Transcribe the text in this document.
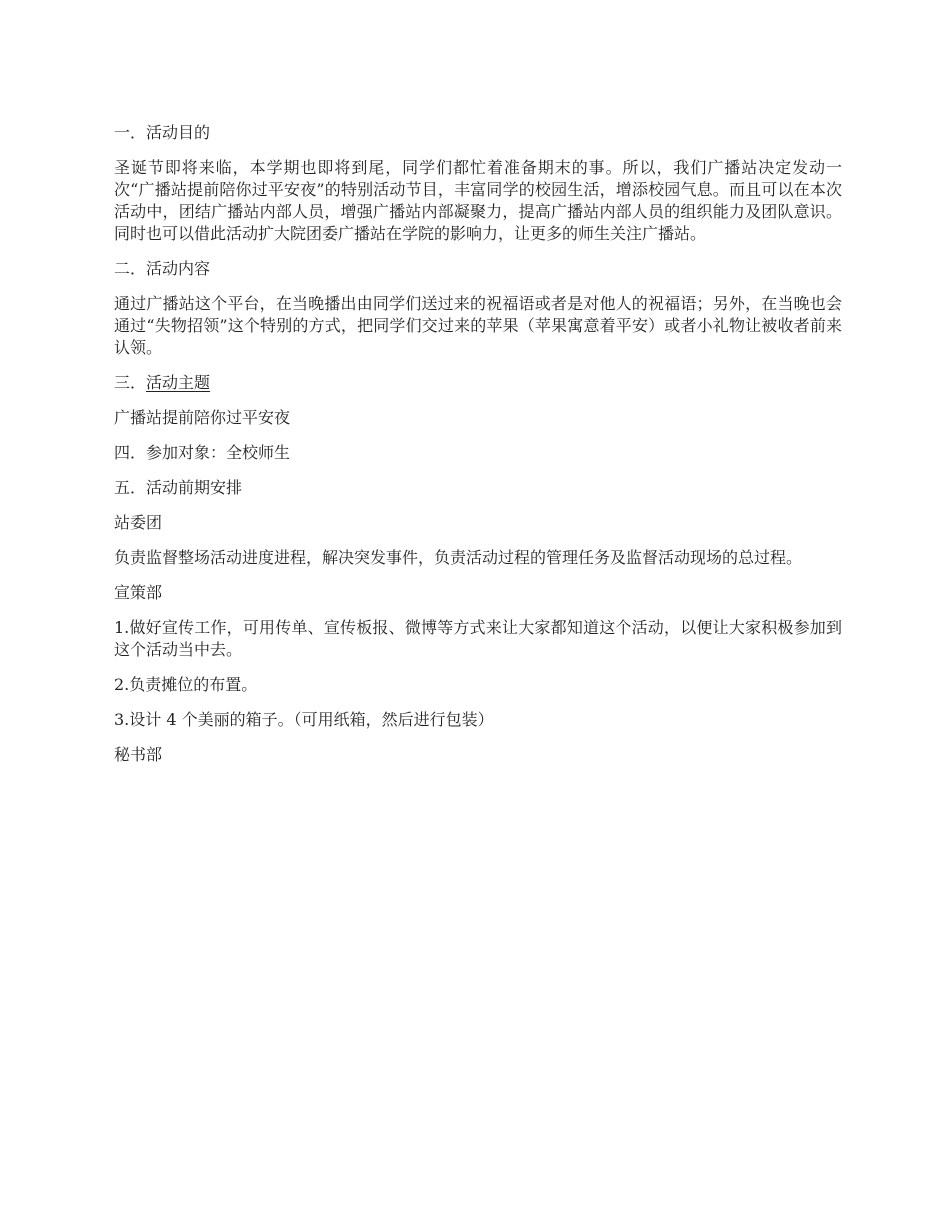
一．活动目的

圣诞节即将来临，本学期也即将到尾，同学们都忙着准备期末的事。所以，我们广播站决定发动一次“广播站提前陪你过平安夜”的特别活动节目，丰富同学的校园生活，增添校园气息。而且可以在本次活动中，团结广播站内部人员，增强广播站内部凝聚力，提高广播站内部人员的组织能力及团队意识。同时也可以借此活动扩大院团委广播站在学院的影响力，让更多的师生关注广播站。

二．活动内容

通过广播站这个平台，在当晚播出由同学们送过来的祝福语或者是对他人的祝福语；另外，在当晚也会通过“失物招领”这个特别的方式，把同学们交过来的苹果（苹果寓意着平安）或者小礼物让被收者前来认领。

三．活动主题

广播站提前陪你过平安夜

四．参加对象：全校师生

五．活动前期安排

站委团

负责监督整场活动进度进程，解决突发事件，负责活动过程的管理任务及监督活动现场的总过程。

宣策部

1.做好宣传工作，可用传单、宣传板报、微博等方式来让大家都知道这个活动，以便让大家积极参加到这个活动当中去。

2.负责摊位的布置。

3.设计 4 个美丽的箱子。（可用纸箱，然后进行包装）

秘书部
